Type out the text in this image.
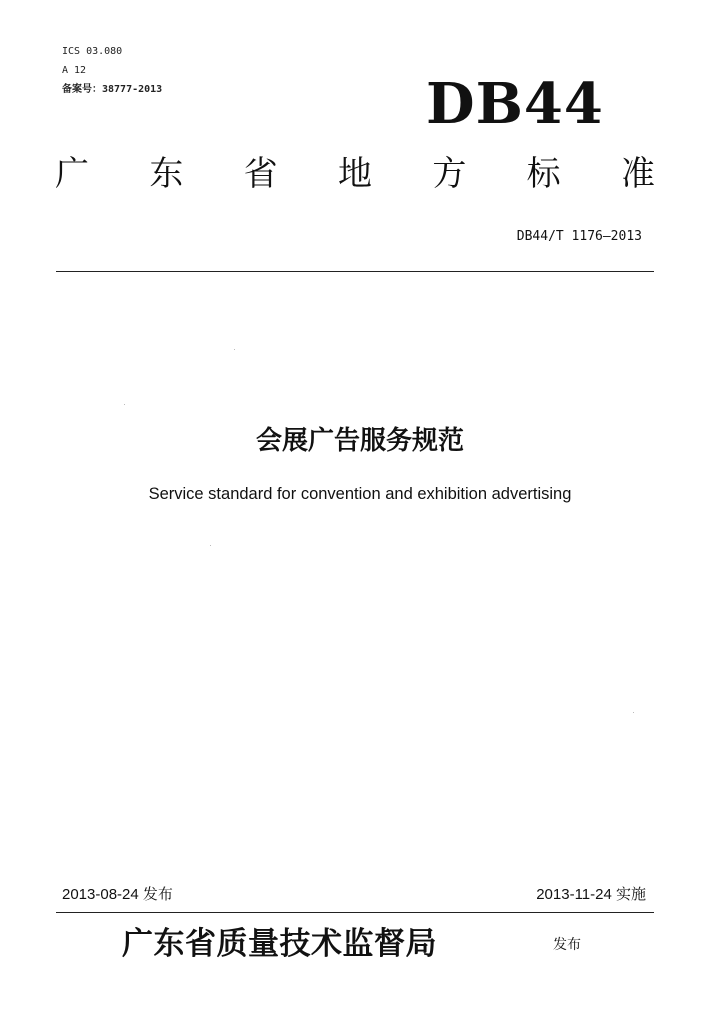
ICS 03.080
A 12
备案号：38777-2013	DB44
广 东 省 地 方 标 准
DB44/T 1176—2013
会展广告服务规范
Service standard for convention and exhibition advertising
2013-08-24 发布	2013-11-24 实施
广东省质量技术监督局	发布
